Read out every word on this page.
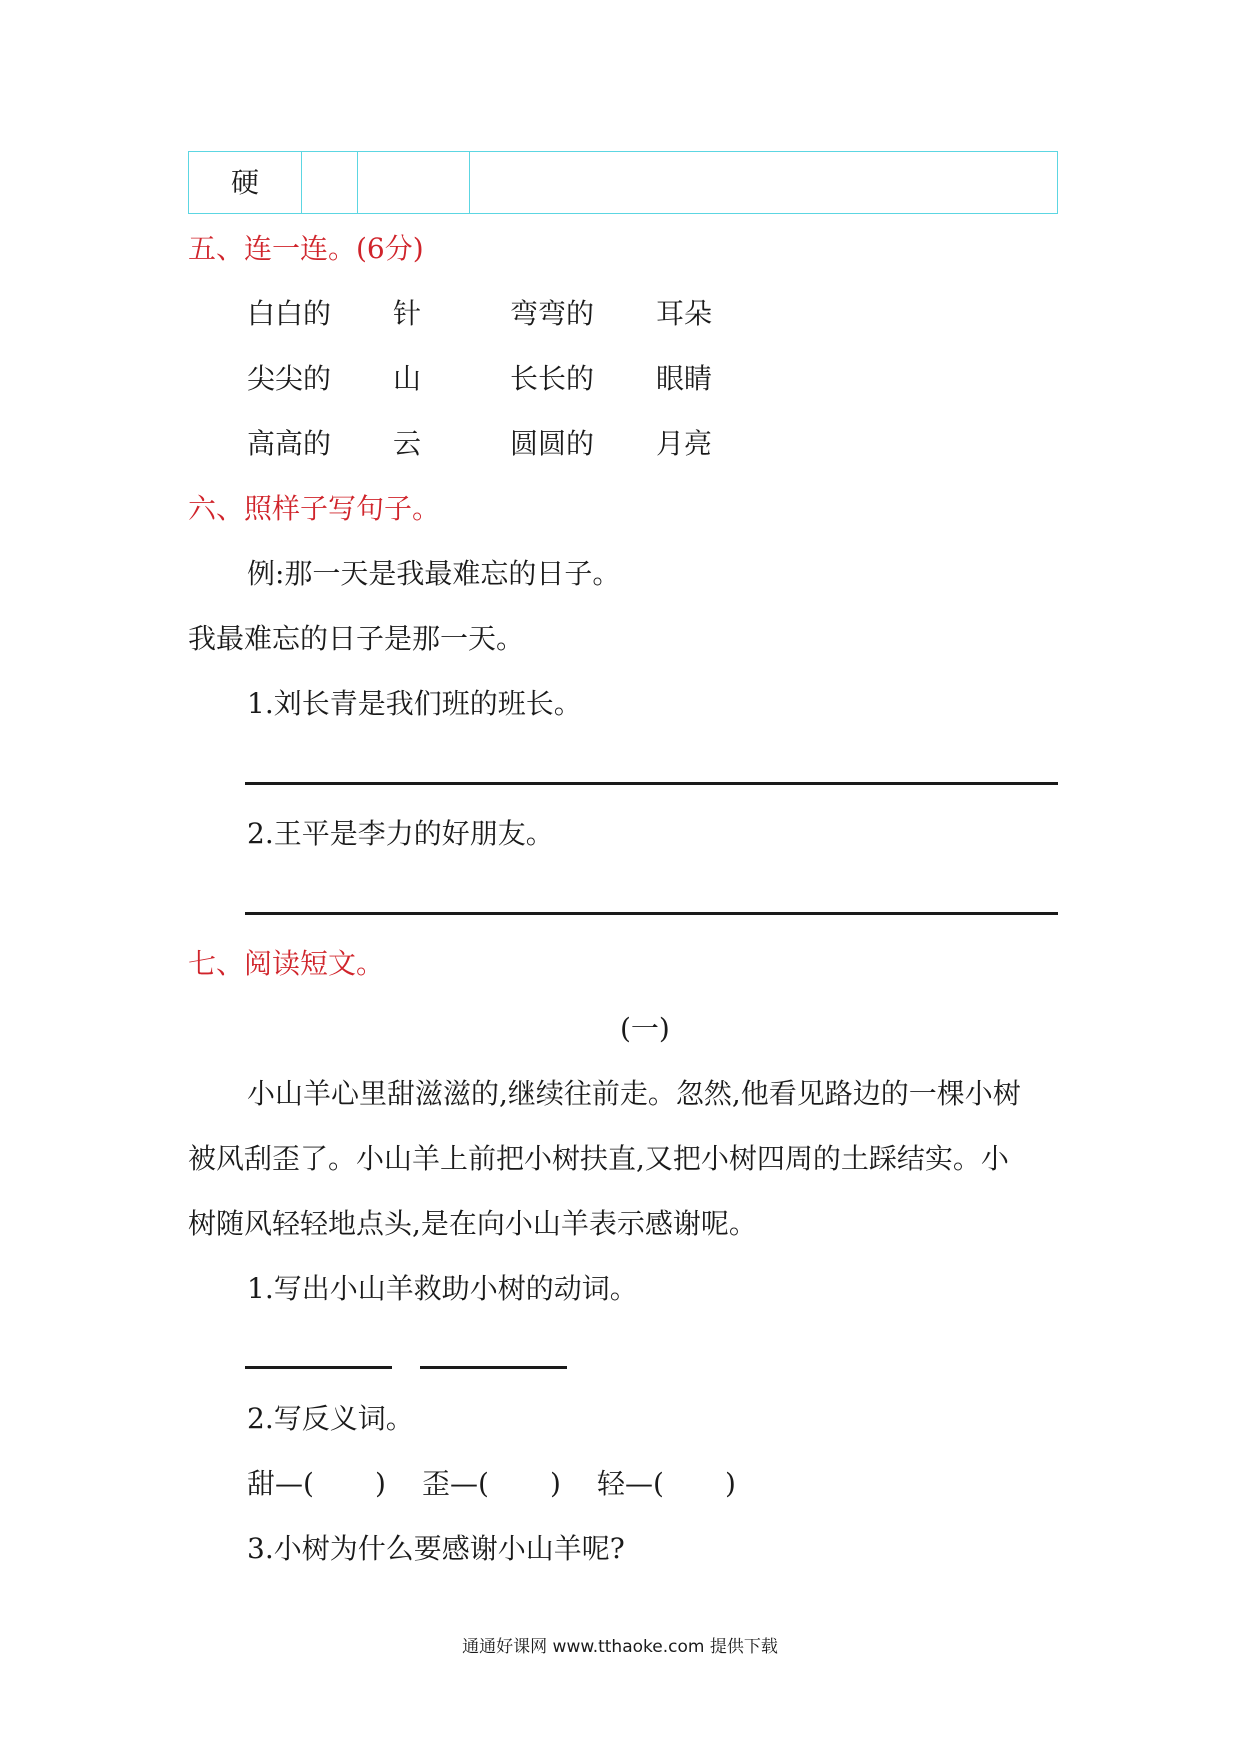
硬
五、连一连。(6分)
白白的 针	弯弯的 耳朵
尖尖的 山	长长的 眼睛
高高的 云	圆圆的 月亮
六、照样子写句子。
例:那一天是我最难忘的日子。
我最难忘的日子是那一天。
1.刘长青是我们班的班长。
2.王平是李力的好朋友。
七、阅读短文。
(一)
小山羊心里甜滋滋的,继续往前走。忽然,他看见路边的一棵小树
被风刮歪了。小山羊上前把小树扶直,又把小树四周的土踩结实。小
树随风轻轻地点头,是在向小山羊表示感谢呢。
1.写出小山羊救助小树的动词。
2.写反义词。
甜—( ) 歪—( ) 轻—( )
3.小树为什么要感谢小山羊呢?
通通好课网 www.tthaoke.com 提供下载
